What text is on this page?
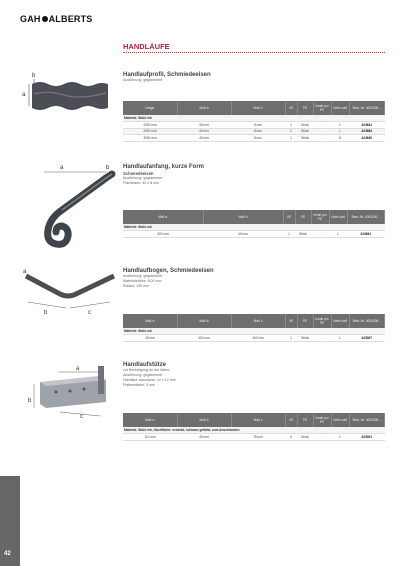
GAH ALBERTS
HANDLÄUFE
b
a
Handlaufprofil, Schmiedeeisen
Ausführung: geglammert
Länge	Maß a	Maß b	VE	PE	Inhalt pro PE	Liefer-zeit	Best.-Nr. 4004336...
Material: Stahl roh							
2000 mm	35 mm	8 mm	1	Stück	-	L	424641
2000 mm	40 mm	8 mm	1	Stück	-	L	424664
3000 mm	40 mm	8 mm	1	Stück	-	S	424640
a	b Handlaufanfang, kurze Form
Schmiedeeisen
Ausführung: geglammert
Flacheisen: 40 x 8 mm
Maß a	Maß b	VE	PE	Inhalt pro PE	Liefer-zeit	Best.-Nr. 4004336...
Material: Stahl roh						
300 mm	40 mm	1	Stück	-	L	423691
a
b	c
Handlaufbogen, Schmiedeeisen
Ausführung: geglammert
Materialstärke: 8,00 mm
Radius: 150 mm
Maß a	Maß b	Maß c	VE	PE	Inhalt pro PE	Liefer-zeit	Best.-Nr. 4004336...
Material: Stahl roh							
40 mm	400 mm	400 mm	1	Stück	-	L	423007
a
b
c
Handlaufstütze
zur Befestigung an der Wand
Ausführung: geglammert
Handlauf-Anschluss: 12 x 12 mm
Plattenstärke: 5 mm
Maß a	Maß b	Maß c	VE	PE	Inhalt pro PE	Liefer-zeit	Best.-Nr. 4004336...
Material: Stahl roh, Oberfläche: verzinkt, schwarz gefärbt, zum Anschrauben							
110 mm	40 mm	78 mm	5	Stück	-	L	423001
42
